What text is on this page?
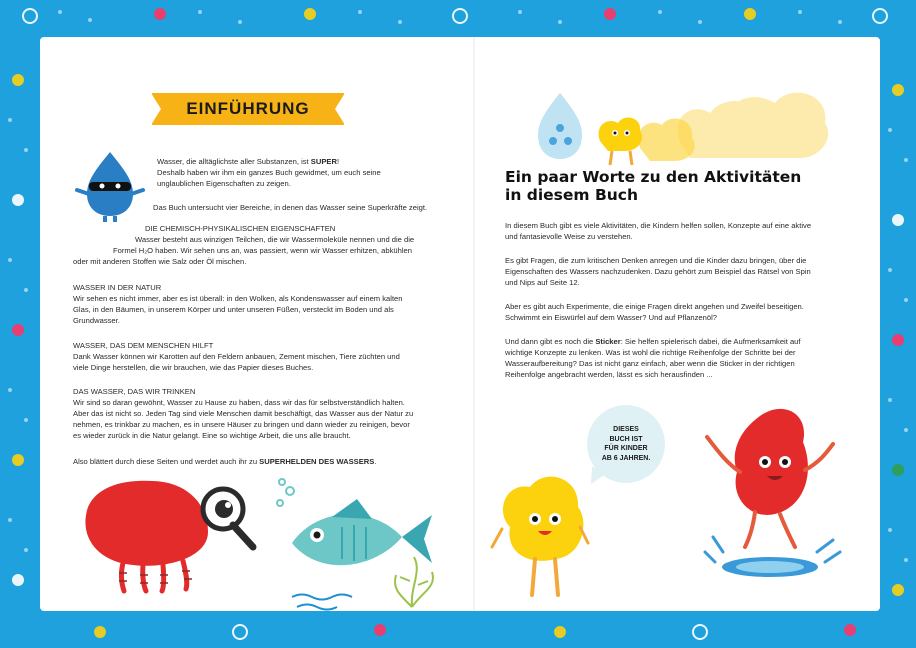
EINFÜHRUNG

Wasser, die alltäglichste aller Substanzen, ist SUPER!

Deshalb haben wir ihm ein ganzes Buch gewidmet, um euch seine

unglaublichen Eigenschaften zu zeigen.

Das Buch untersucht vier Bereiche, in denen das Wasser seine Superkräfte zeigt.

DIE CHEMISCH-PHYSIKALISCHEN EIGENSCHAFTEN

Wasser besteht aus winzigen Teilchen, die wir Wassermoleküle nennen und die die

Formel H₂O haben. Wir sehen uns an, was passiert, wenn wir Wasser erhitzen, abkühlen

oder mit anderen Stoffen wie Salz oder Öl mischen.

WASSER IN DER NATUR

Wir sehen es nicht immer, aber es ist überall: in den Wolken, als Kondenswasser auf einem kalten

Glas, in den Bäumen, in unserem Körper und unter unseren Füßen, versteckt im Boden und als

Grundwasser.

WASSER, DAS DEM MENSCHEN HILFT

Dank Wasser können wir Karotten auf den Feldern anbauen, Zement mischen, Tiere züchten und

viele Dinge herstellen, die wir brauchen, wie das Papier dieses Buches.

DAS WASSER, DAS WIR TRINKEN

Wir sind so daran gewöhnt, Wasser zu Hause zu haben, dass wir das für selbstverständlich halten.

Aber das ist nicht so. Jeden Tag sind viele Menschen damit beschäftigt, das Wasser aus der Natur zu

nehmen, es trinkbar zu machen, es in unsere Häuser zu bringen und dann wieder zu reinigen, bevor

es wieder zurück in die Natur gelangt. Eine so wichtige Arbeit, die uns alle braucht.

Also blättert durch diese Seiten und werdet auch ihr zu SUPERHELDEN DES WASSERS.
Ein paar Worte zu den Aktivitäten
in diesem Buch

In diesem Buch gibt es viele Aktivitäten, die Kindern helfen sollen, Konzepte auf eine aktive

und fantasievolle Weise zu verstehen.

Es gibt Fragen, die zum kritischen Denken anregen und die Kinder dazu bringen, über die

Eigenschaften des Wassers nachzudenken. Dazu gehört zum Beispiel das Rätsel von Spin

und Nips auf Seite 12.

Aber es gibt auch Experimente, die einige Fragen direkt angehen und Zweifel beseitigen.

Schwimmt ein Eiswürfel auf dem Wasser? Und auf Pflanzenöl?

Und dann gibt es noch die Sticker: Sie helfen spielerisch dabei, die Aufmerksamkeit auf

wichtige Konzepte zu lenken. Was ist wohl die richtige Reihenfolge der Schritte bei der

Wasseraufbereitung? Das ist nicht ganz einfach, aber wenn die Sticker in der richtigen

Reihenfolge angebracht werden, lässt es sich herausfinden ...

DIESES
BUCH IST
FÜR KINDER
AB 6 JAHREN.
